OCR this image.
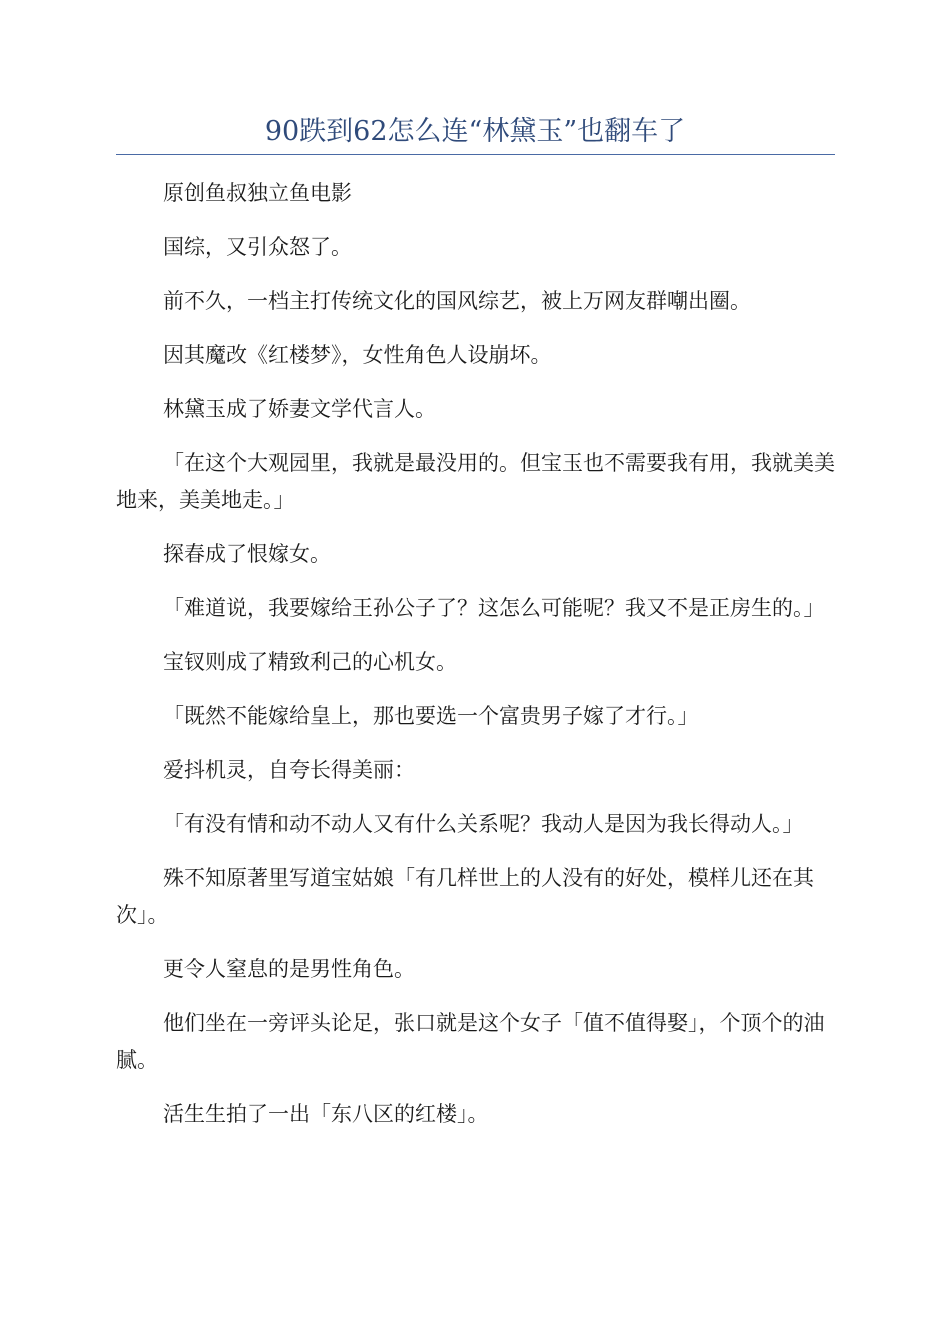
90跌到62怎么连“林黛玉”也翻车了

原创鱼叔独立鱼电影

国综，又引众怒了。

前不久，一档主打传统文化的国风综艺，被上万网友群嘲出圈。

因其魔改《红楼梦》，女性角色人设崩坏。

林黛玉成了娇妻文学代言人。

「在这个大观园里，我就是最没用的。但宝玉也不需要我有用，我就美美地来，美美地走。」

探春成了恨嫁女。

「难道说，我要嫁给王孙公子了？这怎么可能呢？我又不是正房生的。」

宝钗则成了精致利己的心机女。

「既然不能嫁给皇上，那也要选一个富贵男子嫁了才行。」

爱抖机灵，自夸长得美丽：

「有没有情和动不动人又有什么关系呢？我动人是因为我长得动人。」

殊不知原著里写道宝姑娘「有几样世上的人没有的好处，模样儿还在其次」。

更令人窒息的是男性角色。

他们坐在一旁评头论足，张口就是这个女子「值不值得娶」，个顶个的油腻。

活生生拍了一出「东八区的红楼」。
